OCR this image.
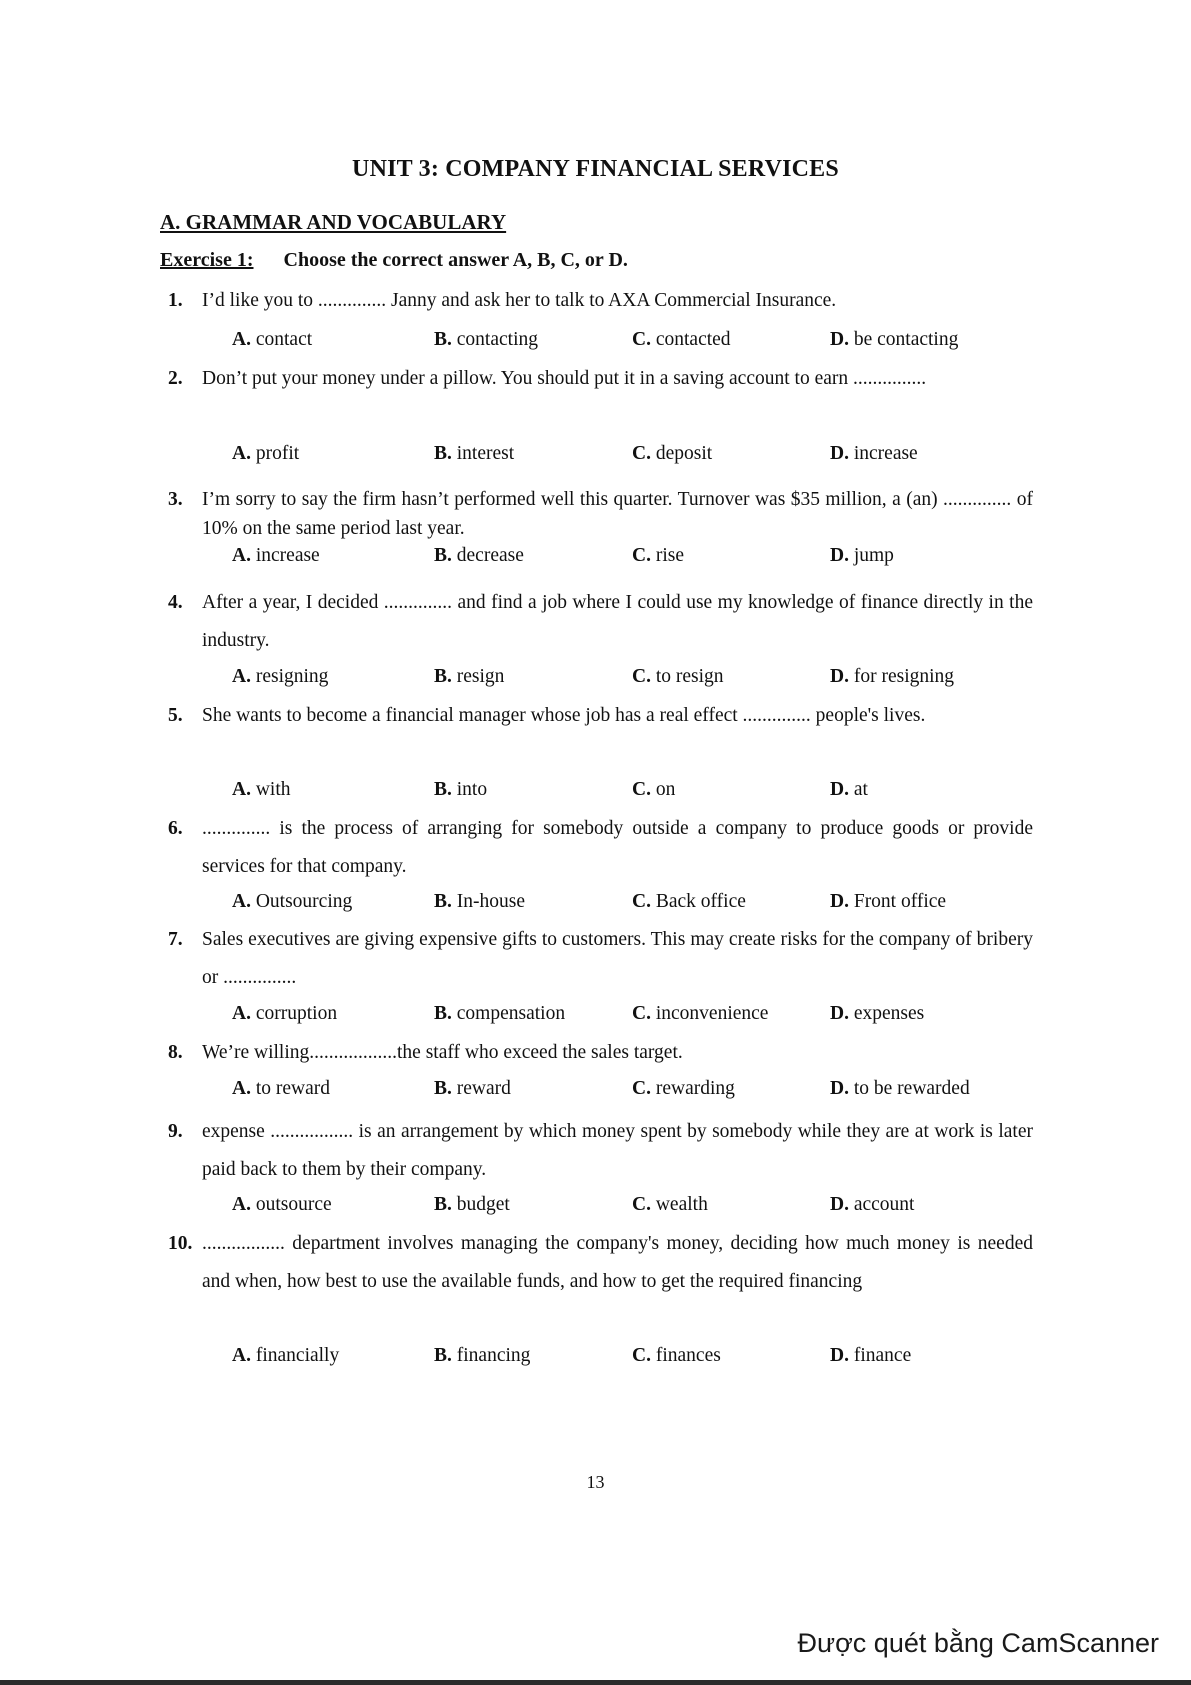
UNIT 3: COMPANY FINANCIAL SERVICES
A. GRAMMAR AND VOCABULARY
Exercise 1: Choose the correct answer A, B, C, or D.
1. I’d like you to .............. Janny and ask her to talk to AXA Commercial Insurance.
A. contact	B. contacting	C. contacted	D. be contacting
2. Don’t put your money under a pillow. You should put it in a saving account to earn ...............
A. profit	B. interest	C. deposit	D. increase
3. I’m sorry to say the firm hasn’t performed well this quarter. Turnover was $35 million, a (an) .............. of 10% on the same period last year.
A. increase	B. decrease	C. rise	D. jump
4. After a year, I decided .............. and find a job where I could use my knowledge of finance directly in the industry.
A. resigning	B. resign	C. to resign	D. for resigning
5. She wants to become a financial manager whose job has a real effect .............. people's lives.
A. with	B. into	C. on	D. at
6. .............. is the process of arranging for somebody outside a company to produce goods or provide services for that company.
A. Outsourcing	B. In-house	C. Back office	D. Front office
7. Sales executives are giving expensive gifts to customers. This may create risks for the company of bribery or ...............
A. corruption	B. compensation	C. inconvenience	D. expenses
8. We’re willing..................the staff who exceed the sales target.
A. to reward	B. reward	C. rewarding	D. to be rewarded
9. expense ................. is an arrangement by which money spent by somebody while they are at work is later paid back to them by their company.
A. outsource	B. budget	C. wealth	D. account
10. ................. department involves managing the company's money, deciding how much money is needed and when, how best to use the available funds, and how to get the required financing
A. financially	B. financing	C. finances	D. finance
13
Được quét bằng CamScanner
